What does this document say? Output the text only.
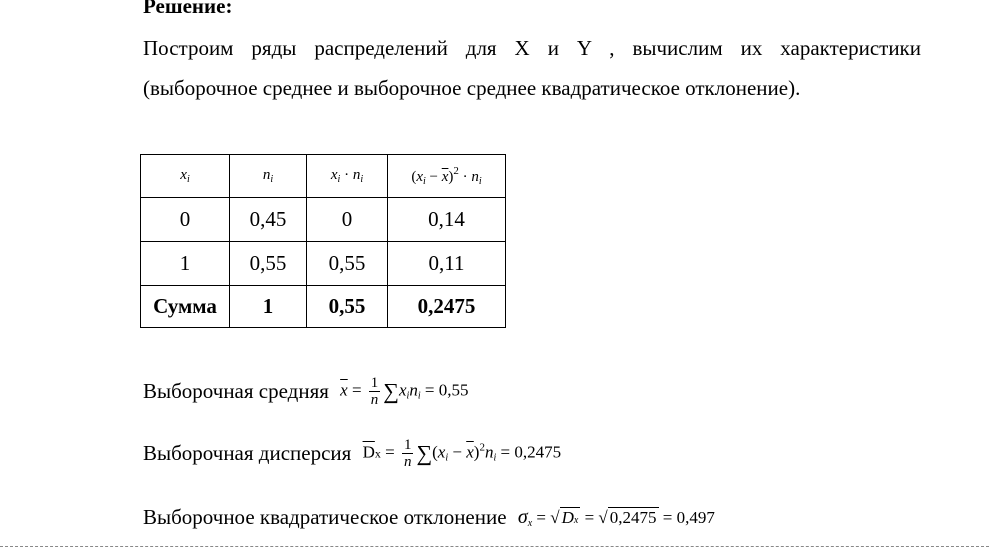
Решение:
Построим ряды распределений для X и Y , вычислим их характеристики
(выборочное среднее и выборочное среднее квадратическое отклонение).
$x_i$	$n_i$	$x_i \cdot n_i$	$(x_i - \overline{x})^2 \cdot n_i$
0	0,45	0	0,14
1	0,55	0,55	0,11
Сумма	1	0,55	0,2475
Выборочная средняя $\overline{x} = \frac{1}{n} \sum x_in_i = 0,55$
Выборочная дисперсия $\overline{D}x = \frac{1}{n} \sum(x_i - \overline{x})^2n_i = 0,2475$
Выборочное квадратическое отклонение $\sigma_x$ = √ Dx = √ 0,2475 = 0,497
